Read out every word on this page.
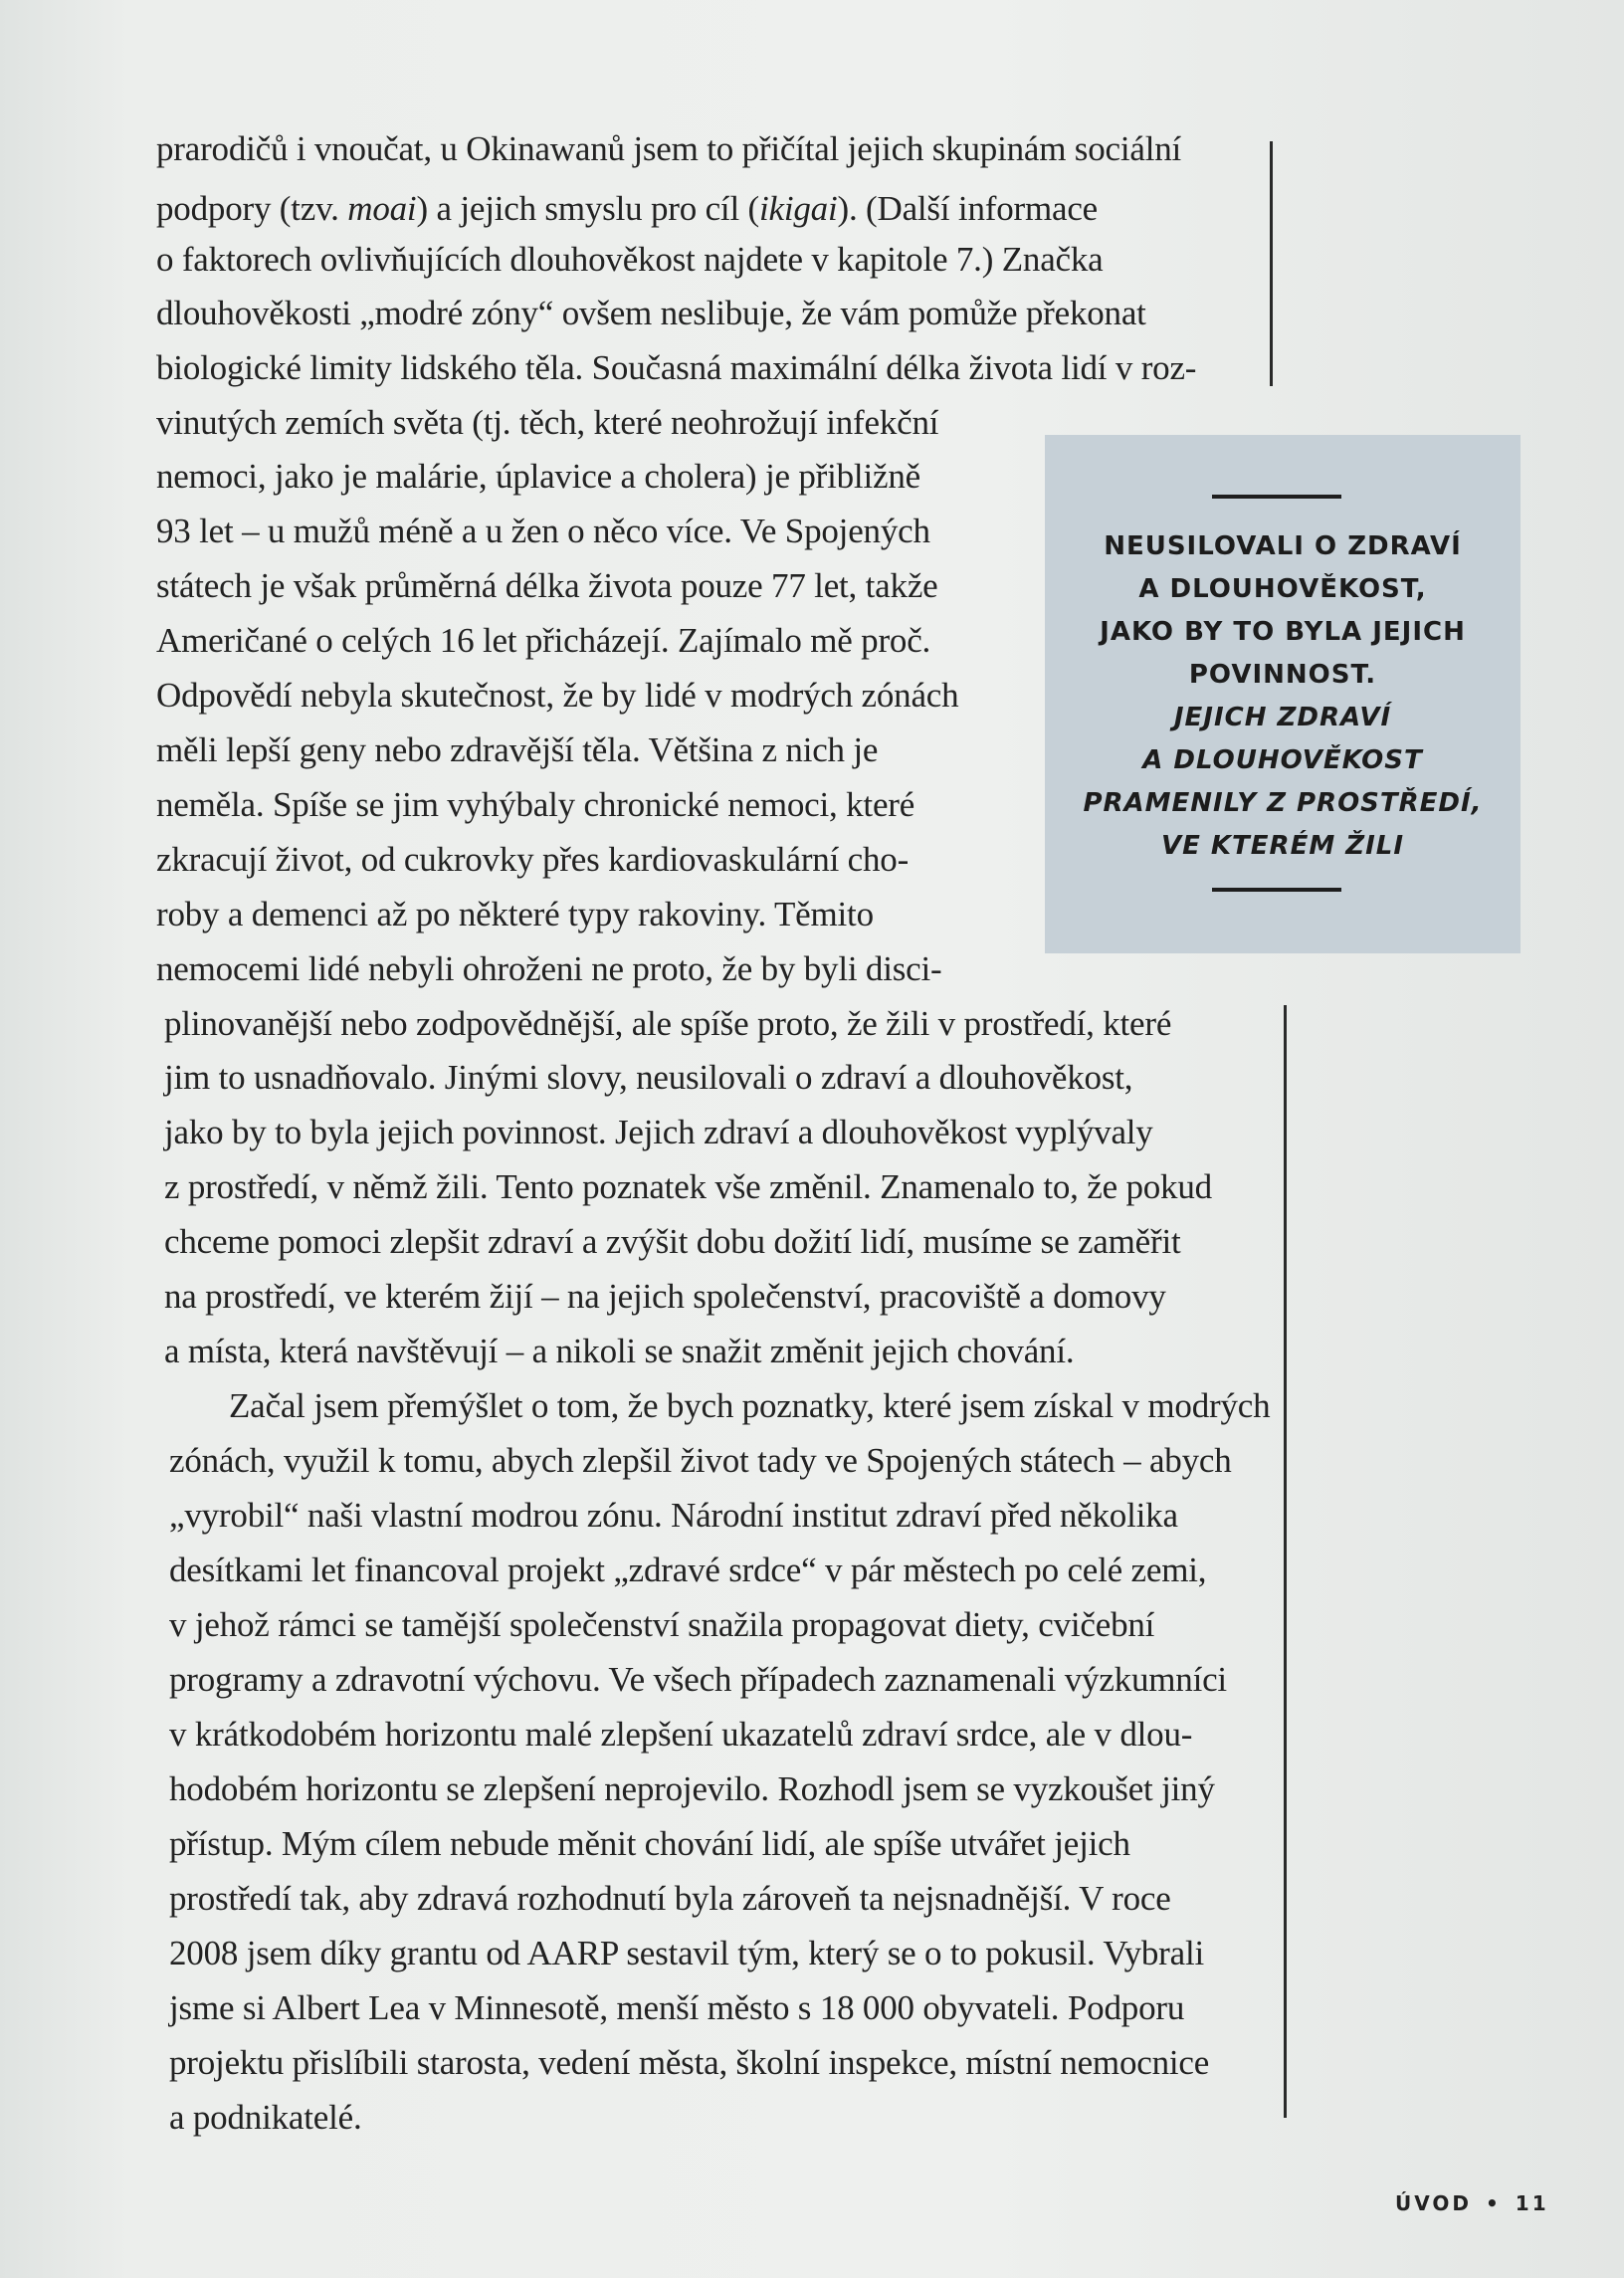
prarodičů i vnoučat, u Okinawanů jsem to přičítal jejich skupinám sociální
podpory (tzv. moai) a jejich smyslu pro cíl (ikigai). (Další informace
o faktorech ovlivňujících dlouhověkost najdete v kapitole 7.) Značka
dlouhověkosti „modré zóny“ ovšem neslibuje, že vám pomůže překonat
biologické limity lidského těla. Současná maximální délka života lidí v roz-
vinutých zemích světa (tj. těch, které neohrožují infekční
nemoci, jako je malárie, úplavice a cholera) je přibližně
93 let – u mužů méně a u žen o něco více. Ve Spojených
státech je však průměrná délka života pouze 77 let, takže
Američané o celých 16 let přicházejí. Zajímalo mě proč.
Odpovědí nebyla skutečnost, že by lidé v modrých zónách
měli lepší geny nebo zdravější těla. Většina z nich je
neměla. Spíše se jim vyhýbaly chronické nemoci, které
zkracují život, od cukrovky přes kardiovaskulární cho-
roby a demenci až po některé typy rakoviny. Těmito
nemocemi lidé nebyli ohroženi ne proto, že by byli disci-
plinovanější nebo zodpovědnější, ale spíše proto, že žili v prostředí, které
jim to usnadňovalo. Jinými slovy, neusilovali o zdraví a dlouhověkost,
jako by to byla jejich povinnost. Jejich zdraví a dlouhověkost vyplývaly
z prostředí, v němž žili. Tento poznatek vše změnil. Znamenalo to, že pokud
chceme pomoci zlepšit zdraví a zvýšit dobu dožití lidí, musíme se zaměřit
na prostředí, ve kterém žijí – na jejich společenství, pracoviště a domovy
a místa, která navštěvují – a nikoli se snažit změnit jejich chování.
Začal jsem přemýšlet o tom, že bych poznatky, které jsem získal v modrých
zónách, využil k tomu, abych zlepšil život tady ve Spojených státech – abych
„vyrobil“ naši vlastní modrou zónu. Národní institut zdraví před několika
desítkami let financoval projekt „zdravé srdce“ v pár městech po celé zemi,
v jehož rámci se tamější společenství snažila propagovat diety, cvičební
programy a zdravotní výchovu. Ve všech případech zaznamenali výzkumníci
v krátkodobém horizontu malé zlepšení ukazatelů zdraví srdce, ale v dlou-
hodobém horizontu se zlepšení neprojevilo. Rozhodl jsem se vyzkoušet jiný
přístup. Mým cílem nebude měnit chování lidí, ale spíše utvářet jejich
prostředí tak, aby zdravá rozhodnutí byla zároveň ta nejsnadnější. V roce
2008 jsem díky grantu od AARP sestavil tým, který se o to pokusil. Vybrali
jsme si Albert Lea v Minnesotě, menší město s 18 000 obyvateli. Podporu
projektu přislíbili starosta, vedení města, školní inspekce, místní nemocnice
a podnikatelé.
NEUSILOVALI O ZDRAVÍ
A DLOUHOVĚKOST,
JAKO BY TO BYLA JEJICH
POVINNOST.
JEJICH ZDRAVÍ
A DLOUHOVĚKOST
PRAMENILY Z PROSTŘEDÍ,
VE KTERÉM ŽILI
ÚVOD • 11
